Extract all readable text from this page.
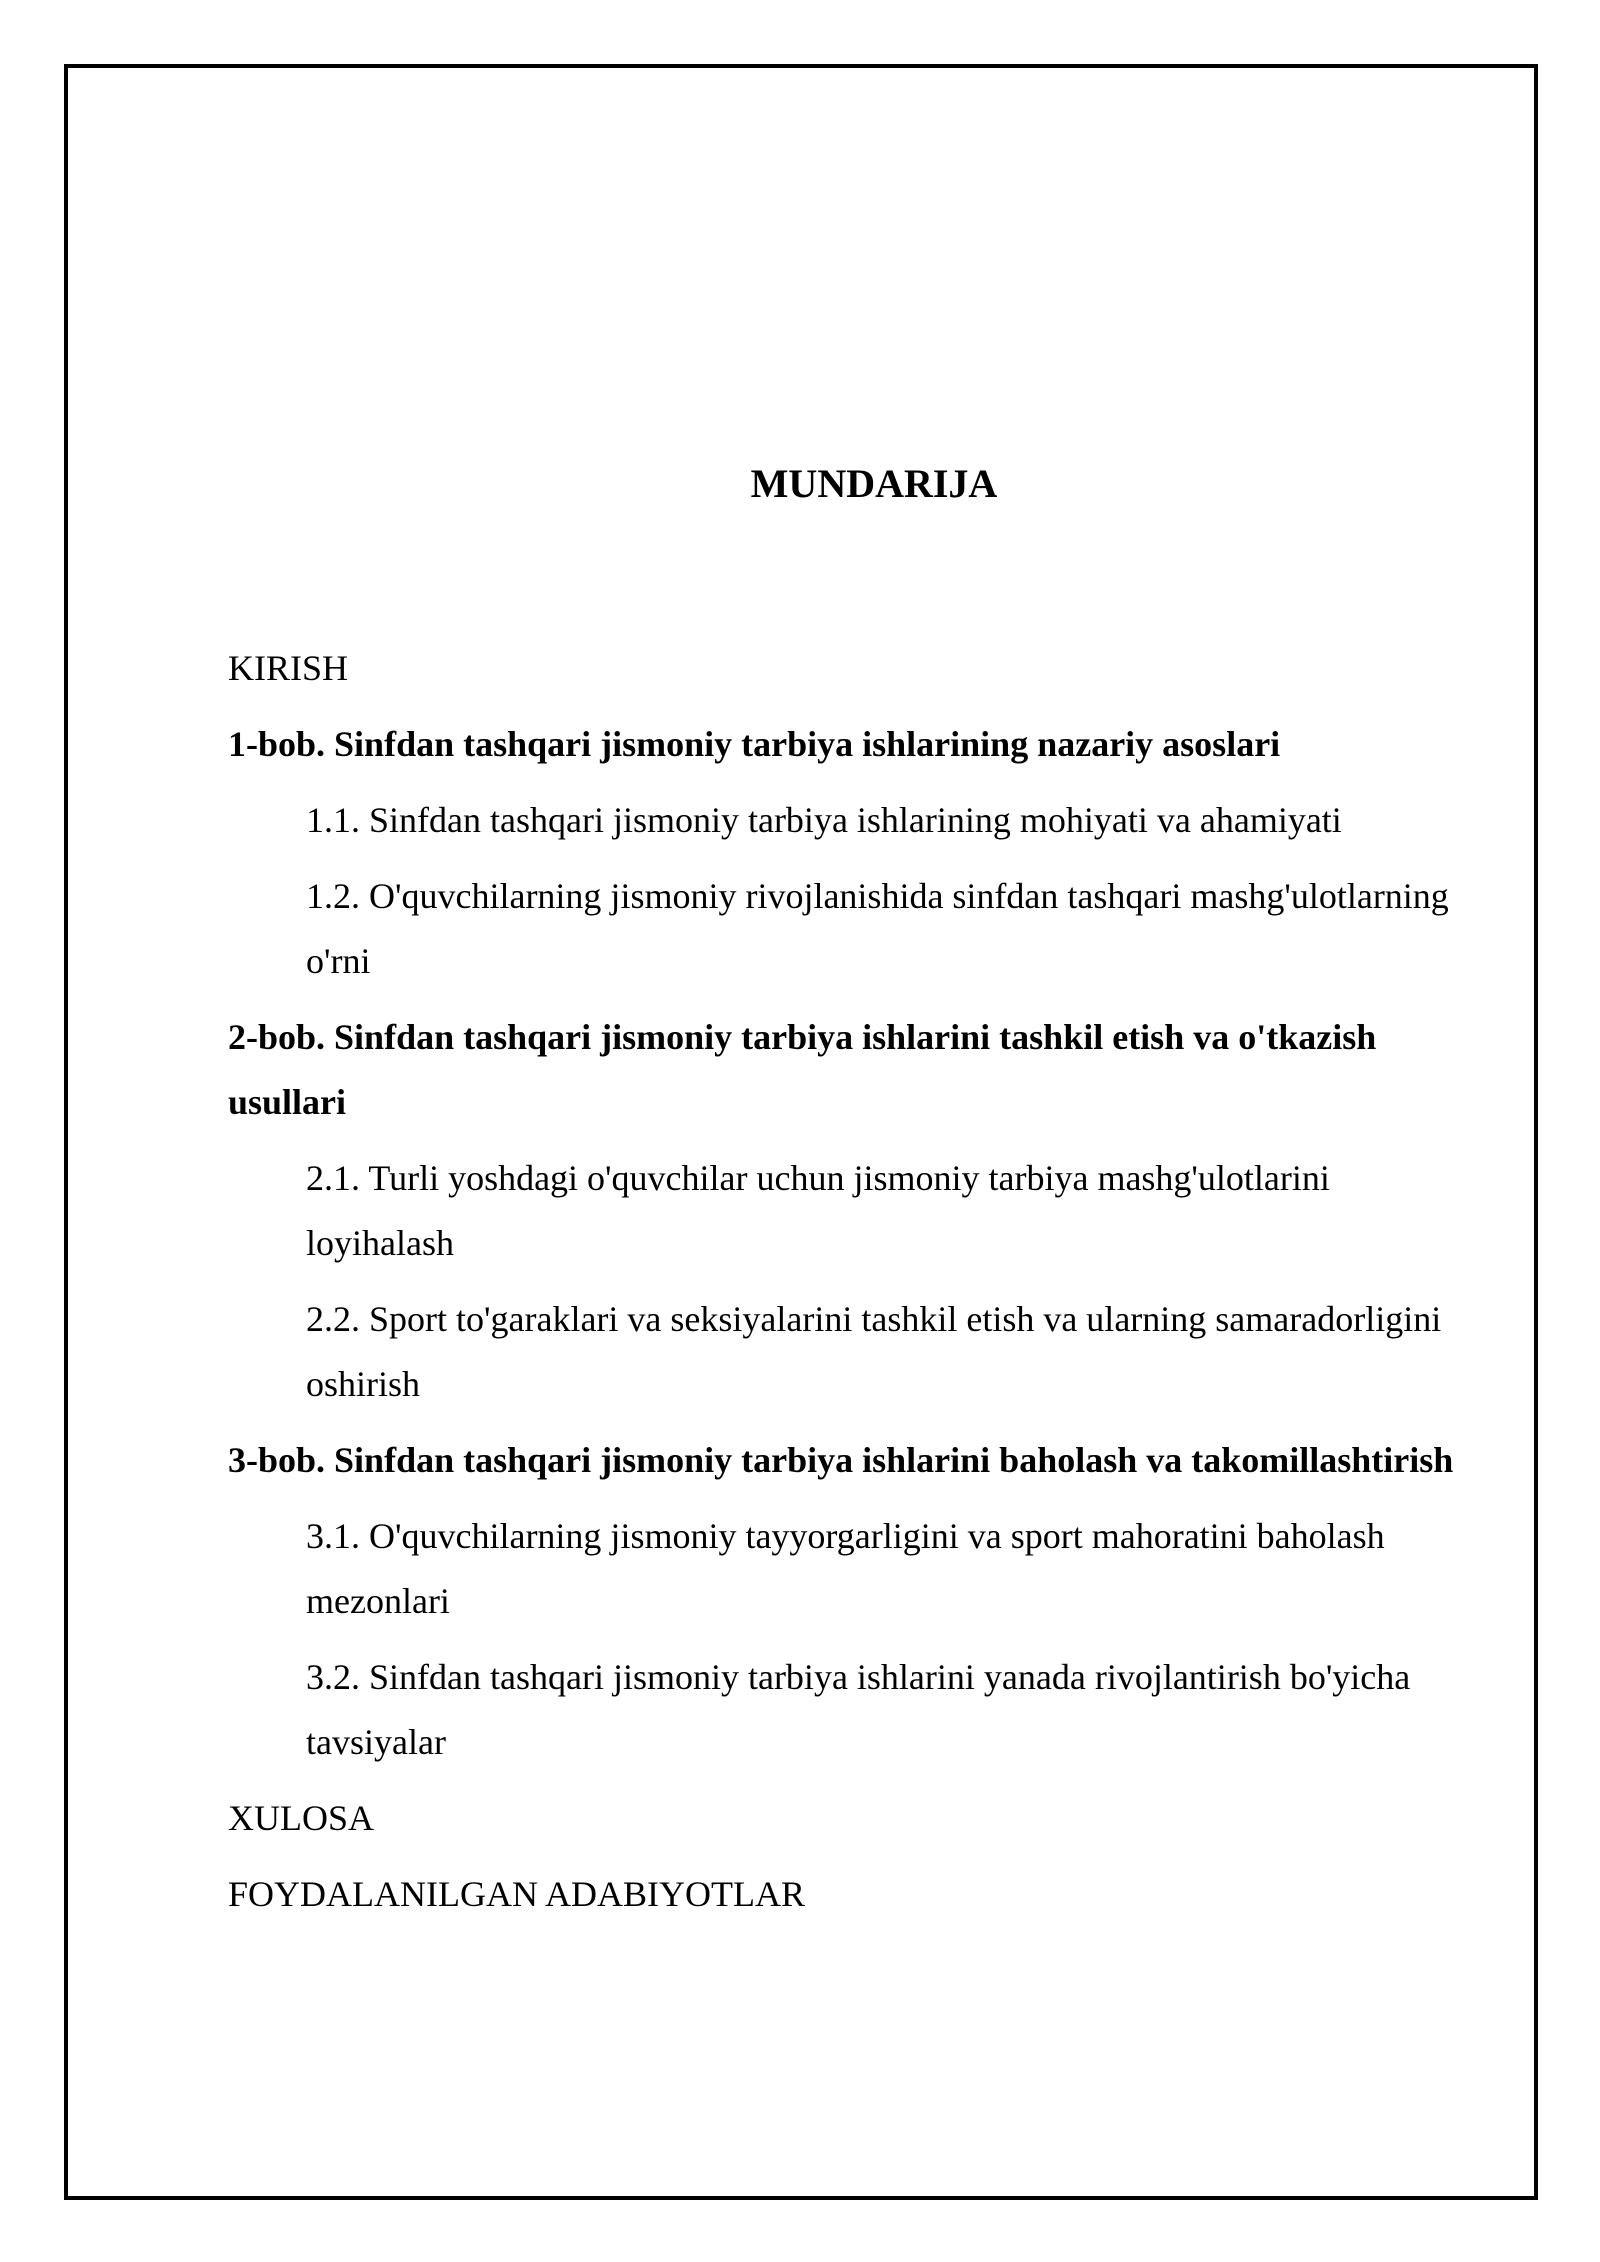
MUNDARIJA
KIRISH
1-bob. Sinfdan tashqari jismoniy tarbiya ishlarining nazariy asoslari
1.1. Sinfdan tashqari jismoniy tarbiya ishlarining mohiyati va ahamiyati
1.2. O'quvchilarning jismoniy rivojlanishida sinfdan tashqari mashg'ulotlarning o'rni
2-bob. Sinfdan tashqari jismoniy tarbiya ishlarini tashkil etish va o'tkazish usullari
2.1. Turli yoshdagi o'quvchilar uchun jismoniy tarbiya mashg'ulotlarini loyihalash
2.2. Sport to'garaklari va seksiyalarini tashkil etish va ularning samaradorligini oshirish
3-bob. Sinfdan tashqari jismoniy tarbiya ishlarini baholash va takomillashtirish
3.1. O'quvchilarning jismoniy tayyorgarligini va sport mahoratini baholash mezonlari
3.2. Sinfdan tashqari jismoniy tarbiya ishlarini yanada rivojlantirish bo'yicha tavsiyalar
XULOSA
FOYDALANILGAN ADABIYOTLAR
